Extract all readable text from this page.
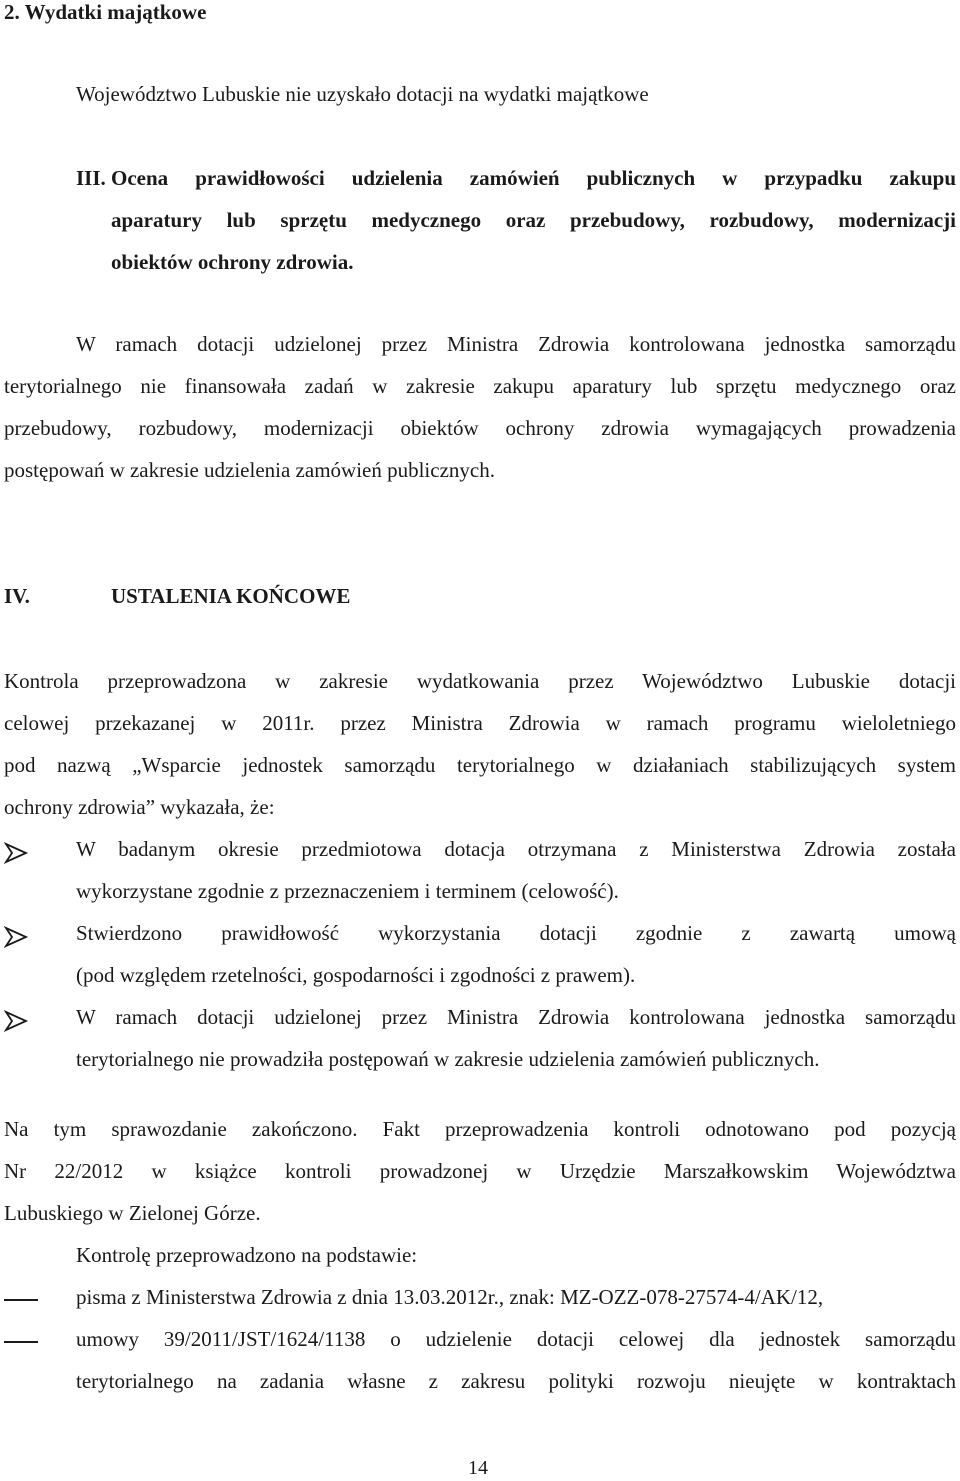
2. Wydatki majątkowe
Województwo Lubuskie nie uzyskało dotacji na wydatki majątkowe
III. Ocena prawidłowości udzielenia zamówień publicznych w przypadku zakupu
aparatury lub sprzętu medycznego oraz przebudowy, rozbudowy, modernizacji
obiektów ochrony zdrowia.
W ramach dotacji udzielonej przez Ministra Zdrowia kontrolowana jednostka samorządu
terytorialnego nie finansowała zadań w zakresie zakupu aparatury lub sprzętu medycznego oraz
przebudowy, rozbudowy, modernizacji obiektów ochrony zdrowia wymagających prowadzenia
postępowań w zakresie udzielenia zamówień publicznych.
IV.	USTALENIA KOŃCOWE
Kontrola przeprowadzona w zakresie wydatkowania przez Województwo Lubuskie dotacji
celowej przekazanej w 2011r. przez Ministra Zdrowia w ramach programu wieloletniego
pod nazwą „Wsparcie jednostek samorządu terytorialnego w działaniach stabilizujących system
ochrony zdrowia” wykazała, że:
W badanym okresie przedmiotowa dotacja otrzymana z Ministerstwa Zdrowia została
wykorzystane zgodnie z przeznaczeniem i terminem (celowość).
Stwierdzono prawidłowość wykorzystania dotacji zgodnie z zawartą umową
(pod względem rzetelności, gospodarności i zgodności z prawem).
W ramach dotacji udzielonej przez Ministra Zdrowia kontrolowana jednostka samorządu
terytorialnego nie prowadziła postępowań w zakresie udzielenia zamówień publicznych.
Na tym sprawozdanie zakończono. Fakt przeprowadzenia kontroli odnotowano pod pozycją
Nr 22/2012 w książce kontroli prowadzonej w Urzędzie Marszałkowskim Województwa
Lubuskiego w Zielonej Górze.
Kontrolę przeprowadzono na podstawie:
pisma z Ministerstwa Zdrowia z dnia 13.03.2012r., znak: MZ-OZZ-078-27574-4/AK/12,
umowy 39/2011/JST/1624/1138 o udzielenie dotacji celowej dla jednostek samorządu
terytorialnego na zadania własne z zakresu polityki rozwoju nieujęte w kontraktach
14
